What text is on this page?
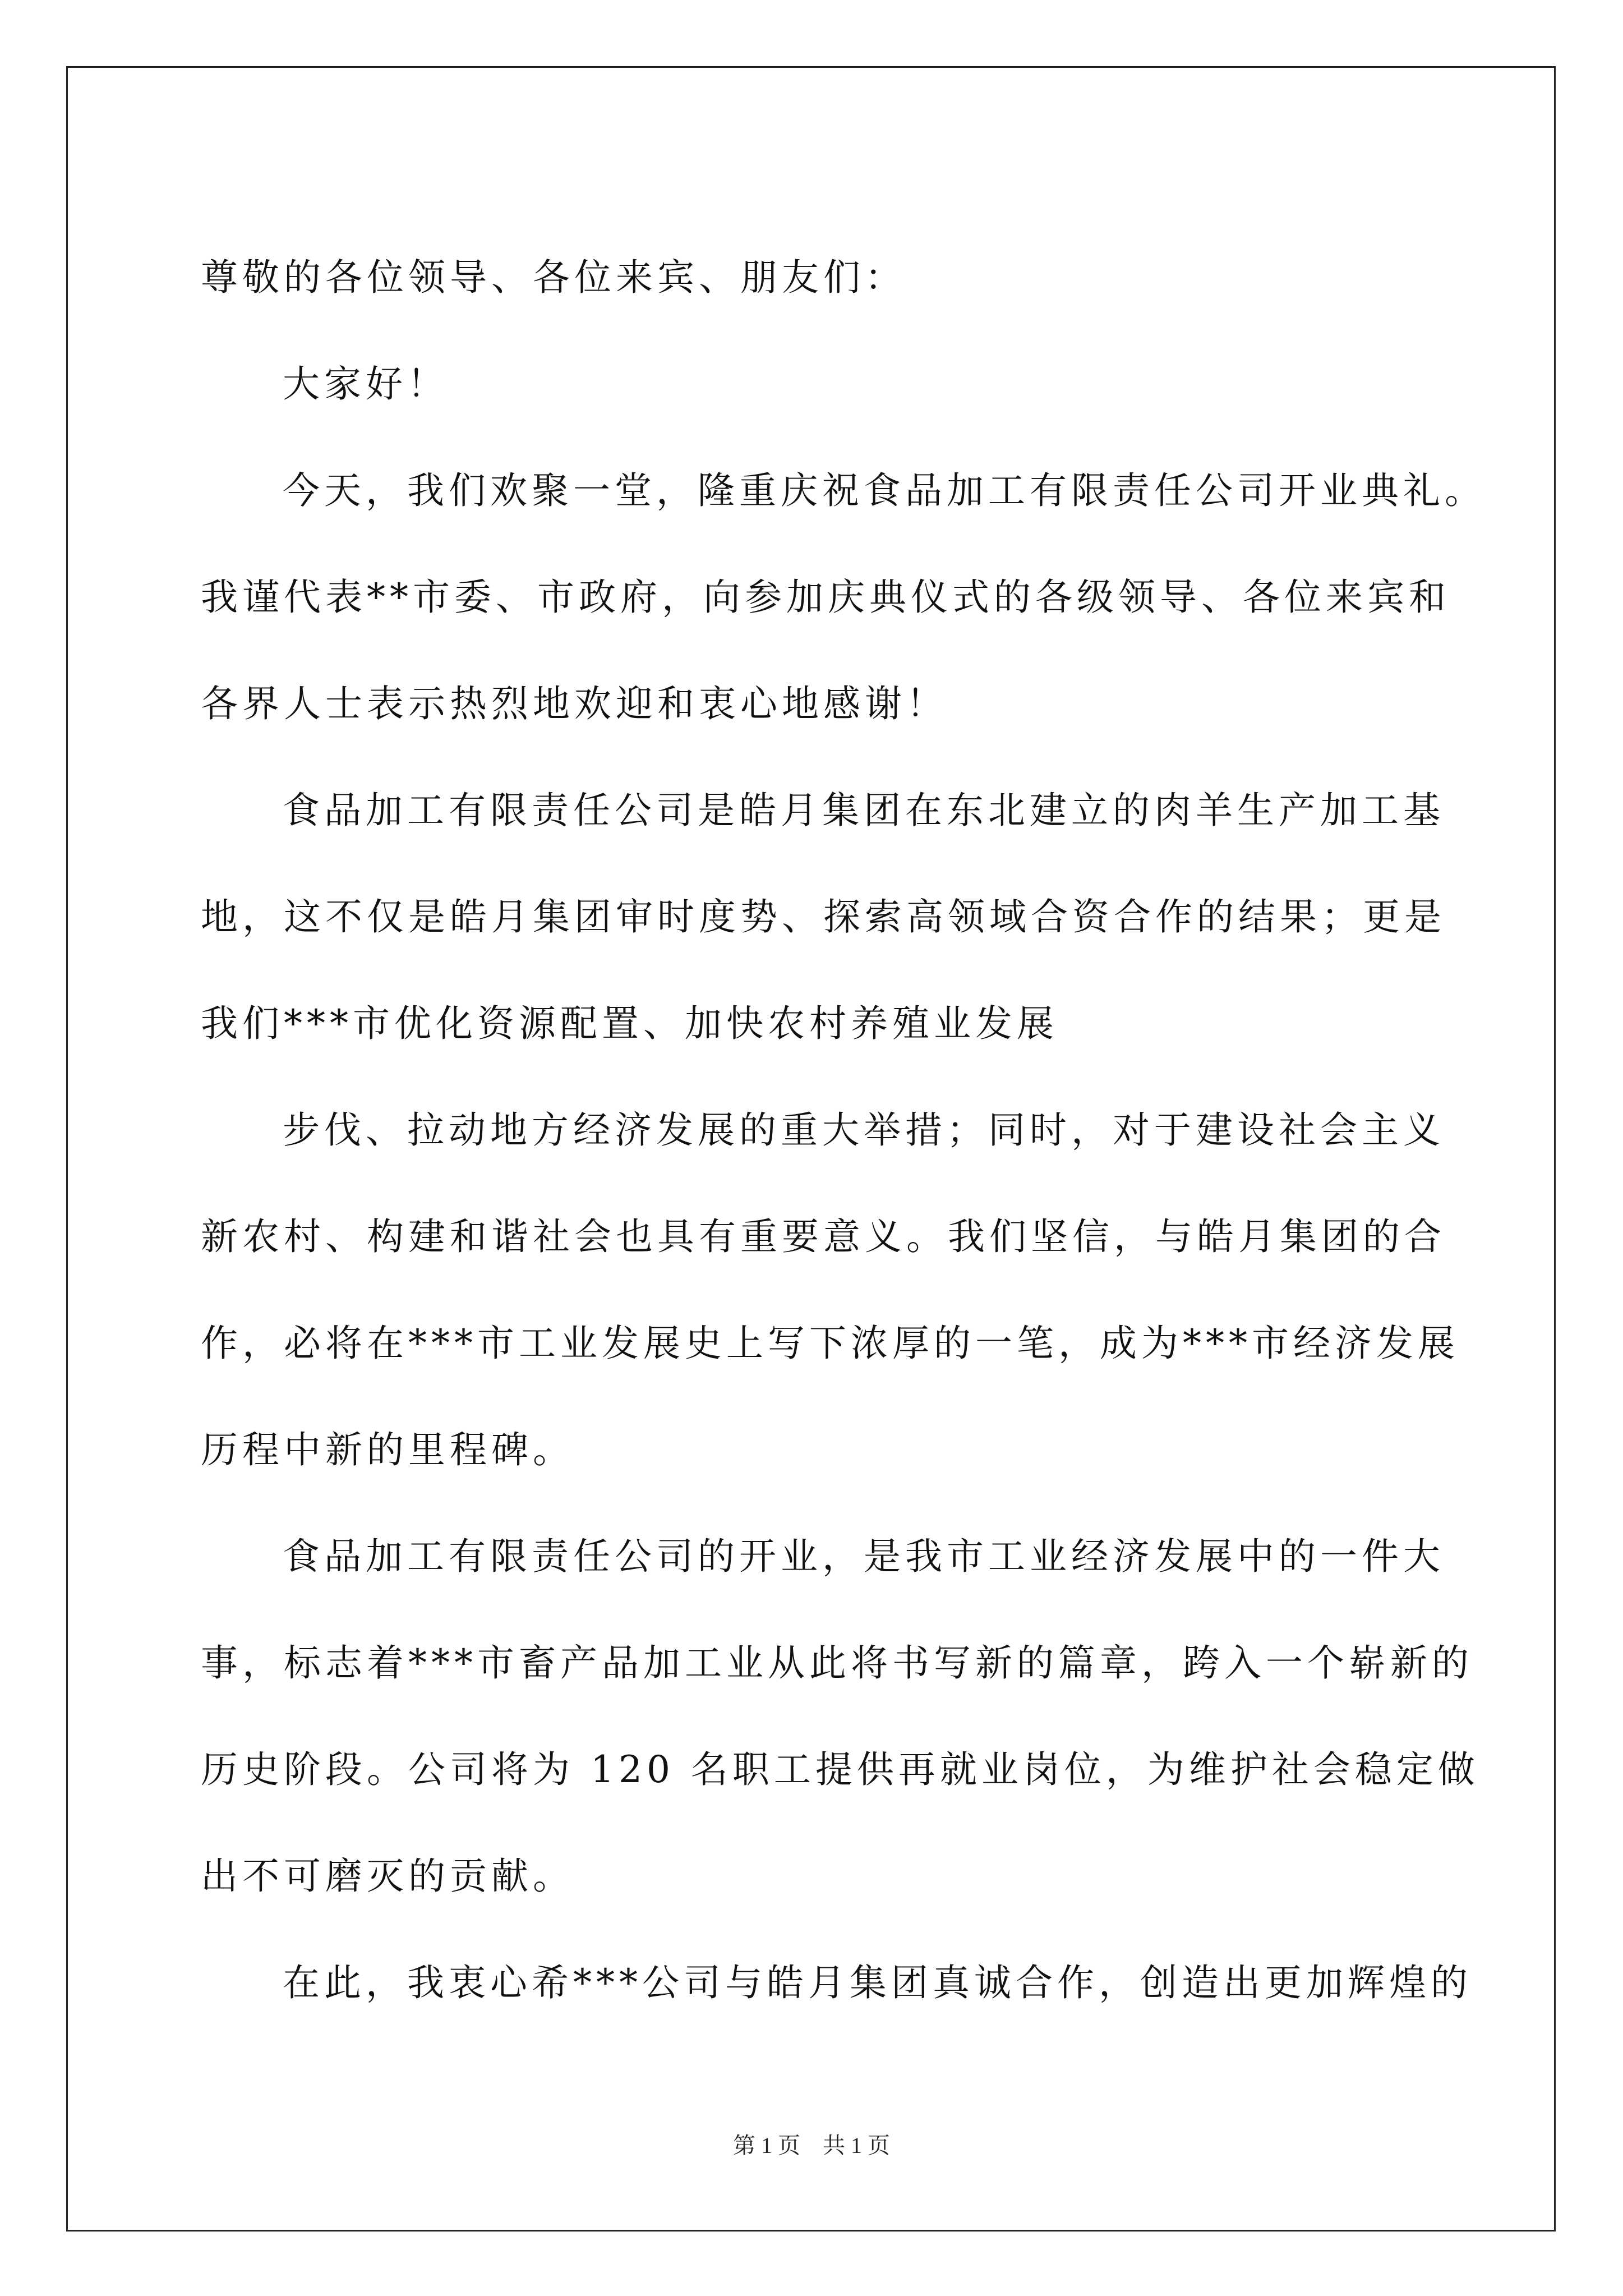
尊敬的各位领导、各位来宾、朋友们：
大家好！
今天，我们欢聚一堂，隆重庆祝食品加工有限责任公司开业典礼。
我谨代表**市委、市政府，向参加庆典仪式的各级领导、各位来宾和
各界人士表示热烈地欢迎和衷心地感谢！
食品加工有限责任公司是皓月集团在东北建立的肉羊生产加工基
地，这不仅是皓月集团审时度势、探索高领域合资合作的结果；更是
我们***市优化资源配置、加快农村养殖业发展
步伐、拉动地方经济发展的重大举措；同时，对于建设社会主义
新农村、构建和谐社会也具有重要意义。我们坚信，与皓月集团的合
作，必将在***市工业发展史上写下浓厚的一笔，成为***市经济发展
历程中新的里程碑。
食品加工有限责任公司的开业，是我市工业经济发展中的一件大
事，标志着***市畜产品加工业从此将书写新的篇章，跨入一个崭新的
历史阶段。公司将为 120 名职工提供再就业岗位，为维护社会稳定做
出不可磨灭的贡献。
在此，我衷心希***公司与皓月集团真诚合作，创造出更加辉煌的
第 1 页　共 1 页
